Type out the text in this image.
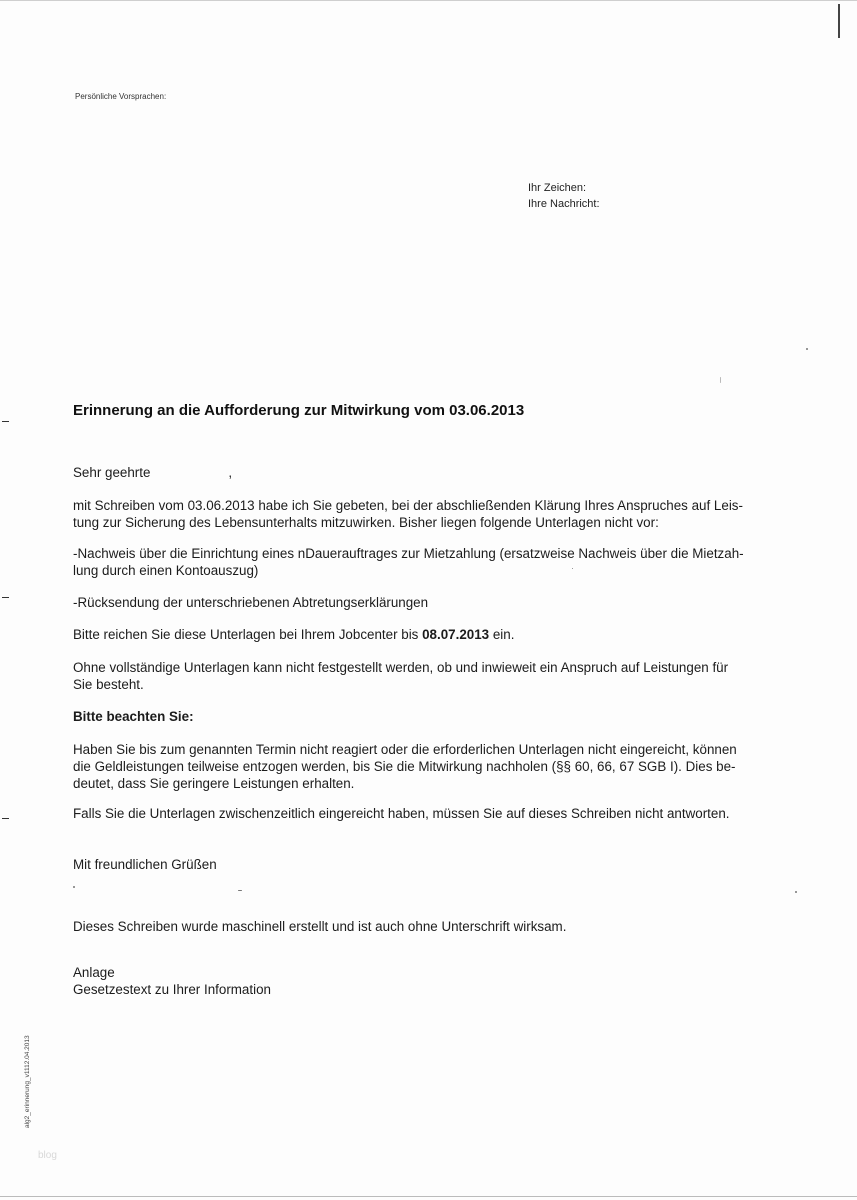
Persönliche Vorsprachen:
Ihr Zeichen:
Ihre Nachricht:
Erinnerung an die Aufforderung zur Mitwirkung vom 03.06.2013
Sehr geehrte	,

mit Schreiben vom 03.06.2013 habe ich Sie gebeten, bei der abschließenden Klärung Ihres Anspruches auf Leis-

tung zur Sicherung des Lebensunterhalts mitzuwirken. Bisher liegen folgende Unterlagen nicht vor:

-Nachweis über die Einrichtung eines nDauerauftrages zur Mietzahlung (ersatzweise Nachweis über die Mietzah-

lung durch einen Kontoauszug)

-Rücksendung der unterschriebenen Abtretungserklärungen

Bitte reichen Sie diese Unterlagen bei Ihrem Jobcenter bis 08.07.2013 ein.

Ohne vollständige Unterlagen kann nicht festgestellt werden, ob und inwieweit ein Anspruch auf Leistungen für

Sie besteht.

Bitte beachten Sie:

Haben Sie bis zum genannten Termin nicht reagiert oder die erforderlichen Unterlagen nicht eingereicht, können

die Geldleistungen teilweise entzogen werden, bis Sie die Mitwirkung nachholen (§§ 60, 66, 67 SGB I). Dies be-

deutet, dass Sie geringere Leistungen erhalten.

Falls Sie die Unterlagen zwischenzeitlich eingereicht haben, müssen Sie auf dieses Schreiben nicht antworten.
Mit freundlichen Grüßen
Dieses Schreiben wurde maschinell erstellt und ist auch ohne Unterschrift wirksam.

Anlage

Gesetzestext zu Ihrer Information

alg2_erinnerung_v1112.04.2013
blog
